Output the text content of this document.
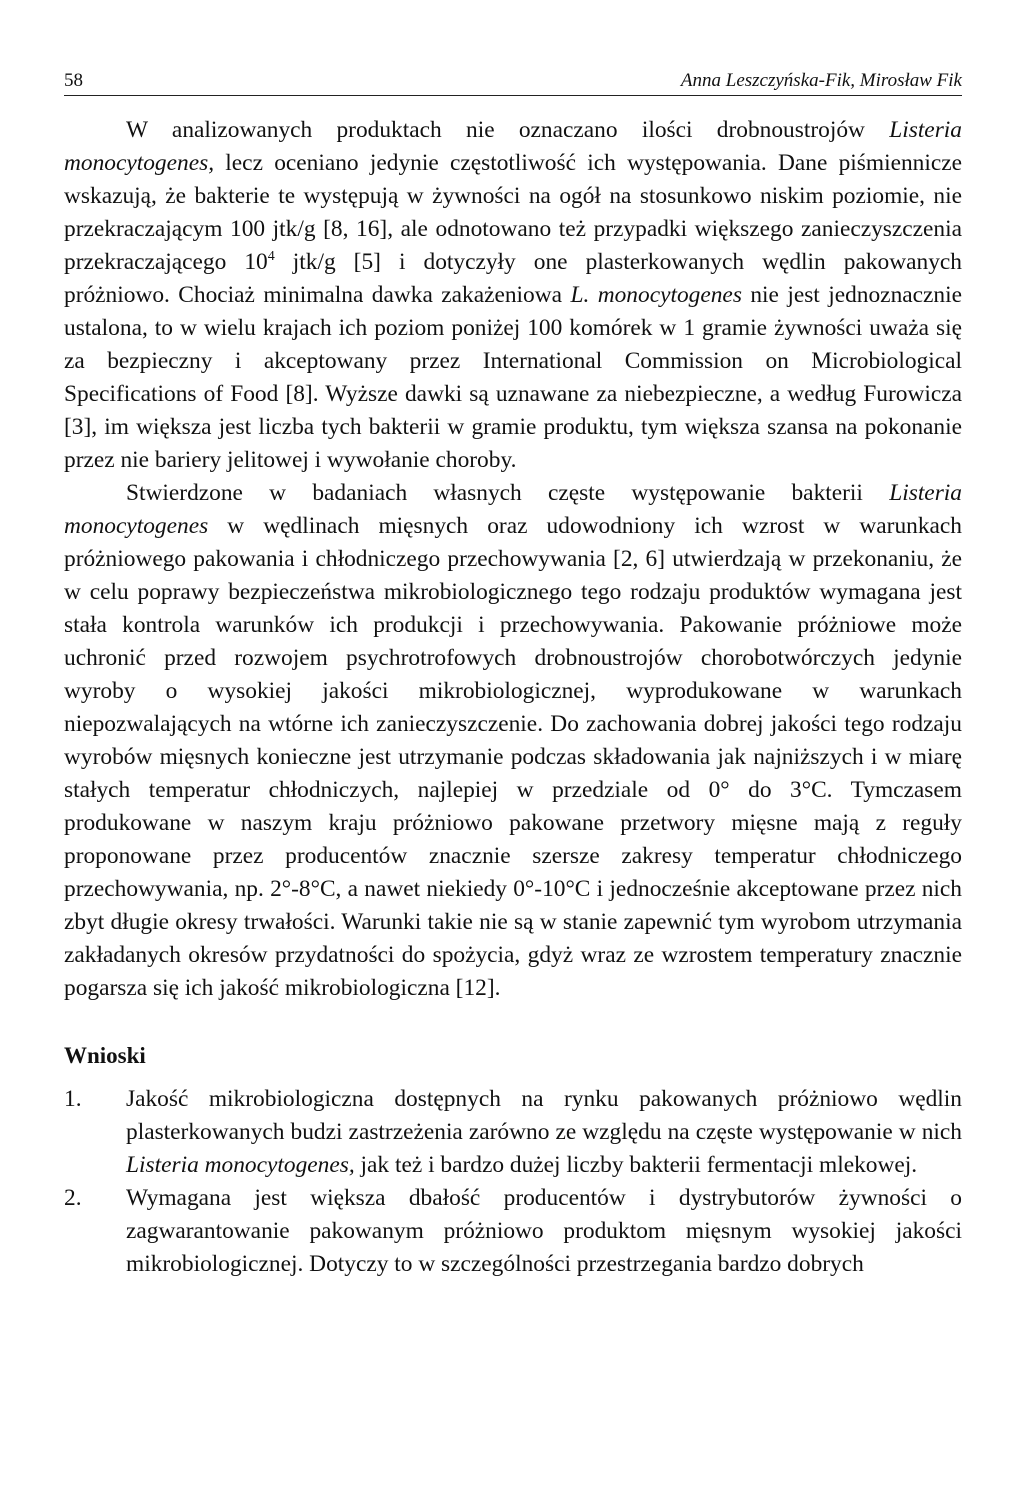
58	Anna Leszczyńska-Fik, Mirosław Fik

W analizowanych produktach nie oznaczano ilości drobnoustrojów Listeria monocytogenes, lecz oceniano jedynie częstotliwość ich występowania. Dane piśmiennicze wskazują, że bakterie te występują w żywności na ogół na stosunkowo niskim poziomie, nie przekraczającym 100 jtk/g [8, 16], ale odnotowano też przypadki większego zanieczyszczenia przekraczającego $10^4$ jtk/g [5] i dotyczyły one plasterkowanych wędlin pakowanych próżniowo. Chociaż minimalna dawka zakażeniowa L. monocytogenes nie jest jednoznacznie ustalona, to w wielu krajach ich poziom poniżej 100 komórek w 1 gramie żywności uważa się za bezpieczny i akceptowany przez International Commission on Microbiological Specifications of Food [8]. Wyższe dawki są uznawane za niebezpieczne, a według Furowicza [3], im większa jest liczba tych bakterii w gramie produktu, tym większa szansa na pokonanie przez nie bariery jelitowej i wywołanie choroby.

Stwierdzone w badaniach własnych częste występowanie bakterii Listeria monocytogenes w wędlinach mięsnych oraz udowodniony ich wzrost w warunkach próżniowego pakowania i chłodniczego przechowywania [2, 6] utwierdzają w przekonaniu, że w celu poprawy bezpieczeństwa mikrobiologicznego tego rodzaju produktów wymagana jest stała kontrola warunków ich produkcji i przechowywania. Pakowanie próżniowe może uchronić przed rozwojem psychrotrofowych drobnoustrojów chorobotwórczych jedynie wyroby o wysokiej jakości mikrobiologicznej, wyprodukowane w warunkach niepozwalających na wtórne ich zanieczyszczenie. Do zachowania dobrej jakości tego rodzaju wyrobów mięsnych konieczne jest utrzymanie podczas składowania jak najniższych i w miarę stałych temperatur chłodniczych, najlepiej w przedziale od 0° do 3°C. Tymczasem produkowane w naszym kraju próżniowo pakowane przetwory mięsne mają z reguły proponowane przez producentów znacznie szersze zakresy temperatur chłodniczego przechowywania, np. 2°-8°C, a nawet niekiedy 0°-10°C i jednocześnie akceptowane przez nich zbyt długie okresy trwałości. Warunki takie nie są w stanie zapewnić tym wyrobom utrzymania zakładanych okresów przydatności do spożycia, gdyż wraz ze wzrostem temperatury znacznie pogarsza się ich jakość mikrobiologiczna [12].

Wnioski
1.	Jakość mikrobiologiczna dostępnych na rynku pakowanych próżniowo wędlin plasterkowanych budzi zastrzeżenia zarówno ze względu na częste występowanie w nich Listeria monocytogenes, jak też i bardzo dużej liczby bakterii fermentacji mlekowej.

2.	Wymagana jest większa dbałość producentów i dystrybutorów żywności o zagwarantowanie pakowanym próżniowo produktom mięsnym wysokiej jakości mikrobiologicznej. Dotyczy to w szczególności przestrzegania bardzo dobrych
